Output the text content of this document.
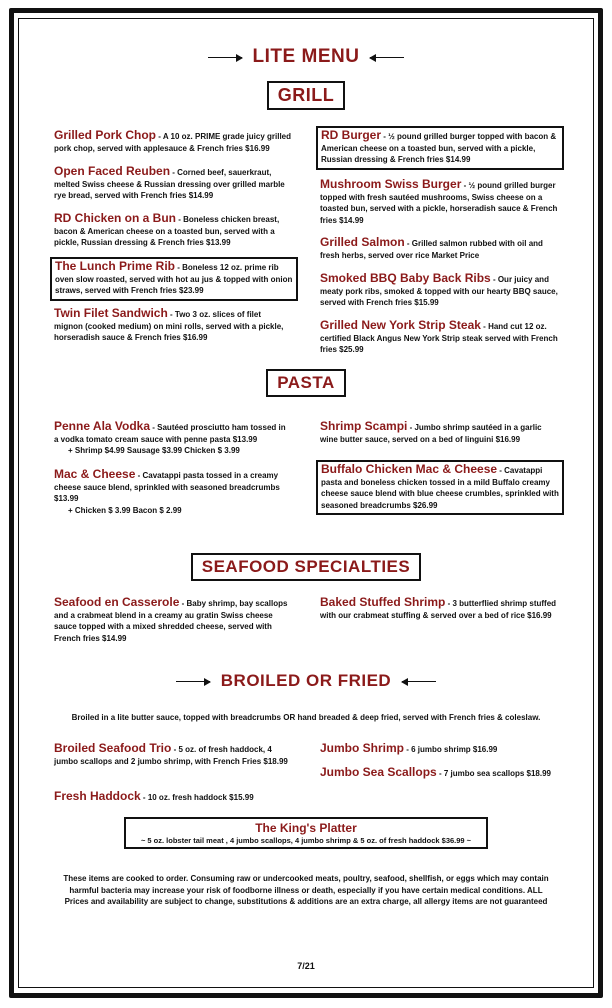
LITE MENU
GRILL
Grilled Pork Chop - A 10 oz. PRIME grade juicy grilled pork chop, served with applesauce & French fries $16.99
Open Faced Reuben - Corned beef, sauerkraut, melted Swiss cheese & Russian dressing over grilled marble rye bread, served with French fries $14.99
RD Chicken on a Bun - Boneless chicken breast, bacon & American cheese on a toasted bun, served with a pickle, Russian dressing & French fries $13.99
The Lunch Prime Rib - Boneless 12 oz. prime rib oven slow roasted, served with hot au jus & topped with onion straws, served with French fries $23.99
Twin Filet Sandwich - Two 3 oz. slices of filet mignon (cooked medium) on mini rolls, served with a pickle, horseradish sauce & French fries $16.99
RD Burger - ½ pound grilled burger topped with bacon & American cheese on a toasted bun, served with a pickle, Russian dressing & French fries $14.99
Mushroom Swiss Burger - ½ pound grilled burger topped with fresh sautéed mushrooms, Swiss cheese on a toasted bun, served with a pickle, horseradish sauce & French fries $14.99
Grilled Salmon - Grilled salmon rubbed with oil and fresh herbs, served over rice Market Price
Smoked BBQ Baby Back Ribs - Our juicy and meaty pork ribs, smoked & topped with our hearty BBQ sauce, served with French fries $15.99
Grilled New York Strip Steak - Hand cut 12 oz. certified Black Angus New York Strip steak served with French fries $25.99
PASTA
Penne Ala Vodka - Sautéed prosciutto ham tossed in a vodka tomato cream sauce with penne pasta $13.99
+ Shrimp $4.99 Sausage $3.99 Chicken $ 3.99
Mac & Cheese - Cavatappi pasta tossed in a creamy cheese sauce blend, sprinkled with seasoned breadcrumbs $13.99
+ Chicken $ 3.99 Bacon $ 2.99
Shrimp Scampi - Jumbo shrimp sautéed in a garlic wine butter sauce, served on a bed of linguini $16.99
Buffalo Chicken Mac & Cheese - Cavatappi pasta and boneless chicken tossed in a mild Buffalo creamy cheese sauce blend with blue cheese crumbles, sprinkled with seasoned breadcrumbs $26.99
SEAFOOD SPECIALTIES
Seafood en Casserole - Baby shrimp, bay scallops and a crabmeat blend in a creamy au gratin Swiss cheese sauce topped with a mixed shredded cheese, served with French fries $14.99
Baked Stuffed Shrimp - 3 butterflied shrimp stuffed with our crabmeat stuffing & served over a bed of rice $16.99
BROILED OR FRIED
Broiled in a lite butter sauce, topped with breadcrumbs OR hand breaded & deep fried, served with French fries & coleslaw.
Broiled Seafood Trio - 5 oz. of fresh haddock, 4 jumbo scallops and 2 jumbo shrimp, with French Fries $18.99
Fresh Haddock - 10 oz. fresh haddock $15.99
Jumbo Shrimp - 6 jumbo shrimp $16.99
Jumbo Sea Scallops - 7 jumbo sea scallops $18.99
The King's Platter
~ 5 oz. lobster tail meat , 4 jumbo scallops, 4 jumbo shrimp & 5 oz. of fresh haddock $36.99 ~
These items are cooked to order. Consuming raw or undercooked meats, poultry, seafood, shellfish, or eggs which may contain harmful bacteria may increase your risk of foodborne illness or death, especially if you have certain medical conditions. ALL Prices and availability are subject to change, substitutions & additions are an extra charge, all allergy items are not guaranteed
7/21
